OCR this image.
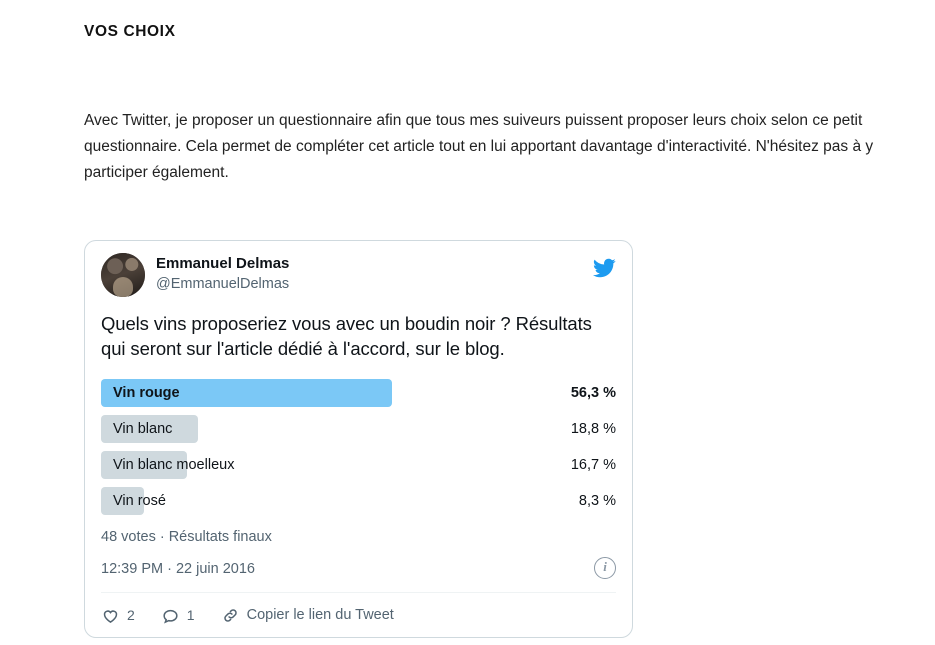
VOS CHOIX
Avec Twitter, je proposer un questionnaire afin que tous mes suiveurs puissent proposer leurs choix selon ce petit questionnaire. Cela permet de compléter cet article tout en lui apportant davantage d'interactivité. N'hésitez pas à y participer également.
Emmanuel Delmas
@EmmanuelDelmas
Quels vins proposeriez vous avec un boudin noir ? Résultats qui seront sur l'article dédié à l'accord, sur le blog.
Vin rouge	56,3 %
Vin blanc	18,8 %
Vin blanc moelleux	16,7 %
Vin rosé	8,3 %
48 votes · Résultats finaux
12:39 PM · 22 juin 2016	i
2	1	Copier le lien du Tweet
